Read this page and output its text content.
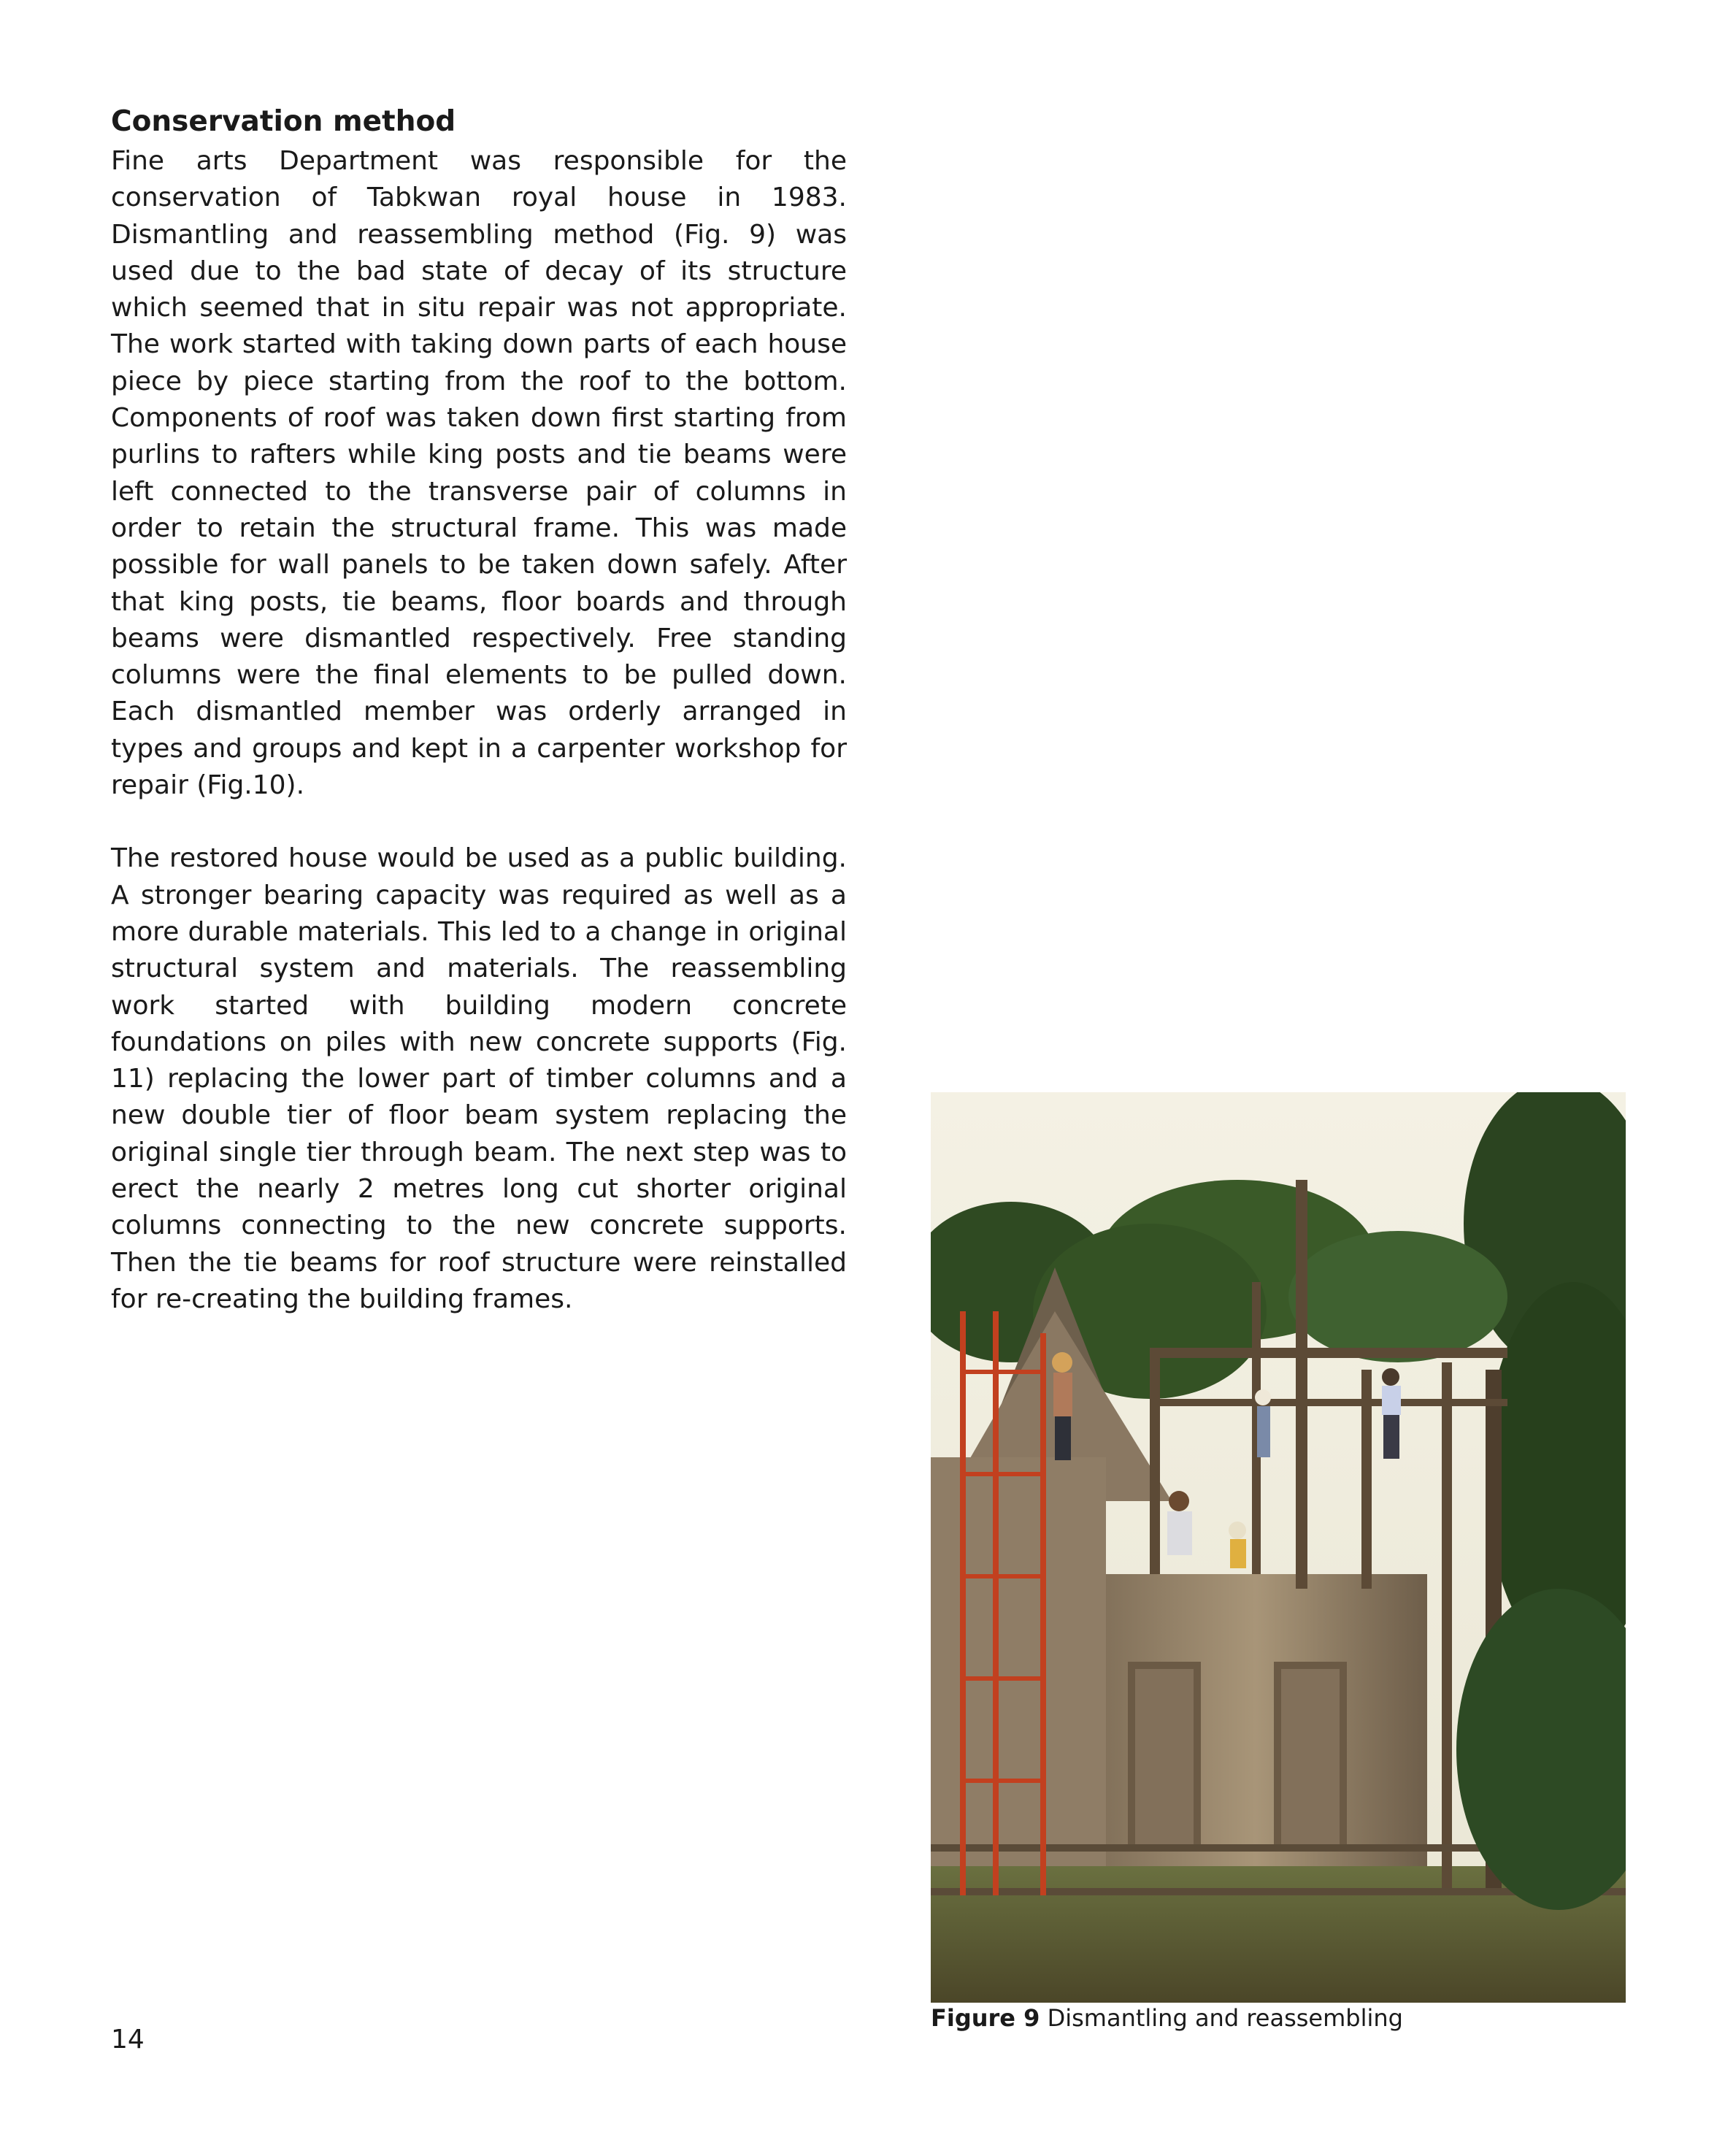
Conservation method

Fine arts Department was responsible for the conservation of Tabkwan royal house in 1983. Dismantling and reassembling method (Fig. 9) was used due to the bad state of decay of its structure which seemed that in situ repair was not appropriate. The work started with taking down parts of each house piece by piece starting from the roof to the bottom. Components of roof was taken down first starting from purlins to rafters while king posts and tie beams were left connected to the transverse pair of columns in order to retain the structural frame. This was made possible for wall panels to be taken down safely. After that king posts, tie beams, floor boards and through beams were dismantled respectively. Free standing columns were the final elements to be pulled down. Each dismantled member was orderly arranged in types and groups and kept in a carpenter workshop for repair (Fig.10).

The restored house would be used as a public building. A stronger bearing capacity was required as well as a more durable materials. This led to a change in original structural system and materials. The reassembling work started with building modern concrete foundations on piles with new concrete supports (Fig. 11) replacing the lower part of timber columns and a new double tier of floor beam system replacing the original single tier through beam. The next step was to erect the nearly 2 metres long cut shorter original columns connecting to the new concrete supports. Then the tie beams for roof structure were reinstalled for re-creating the building frames.

Figure 9 Dismantling and reassembling
14
